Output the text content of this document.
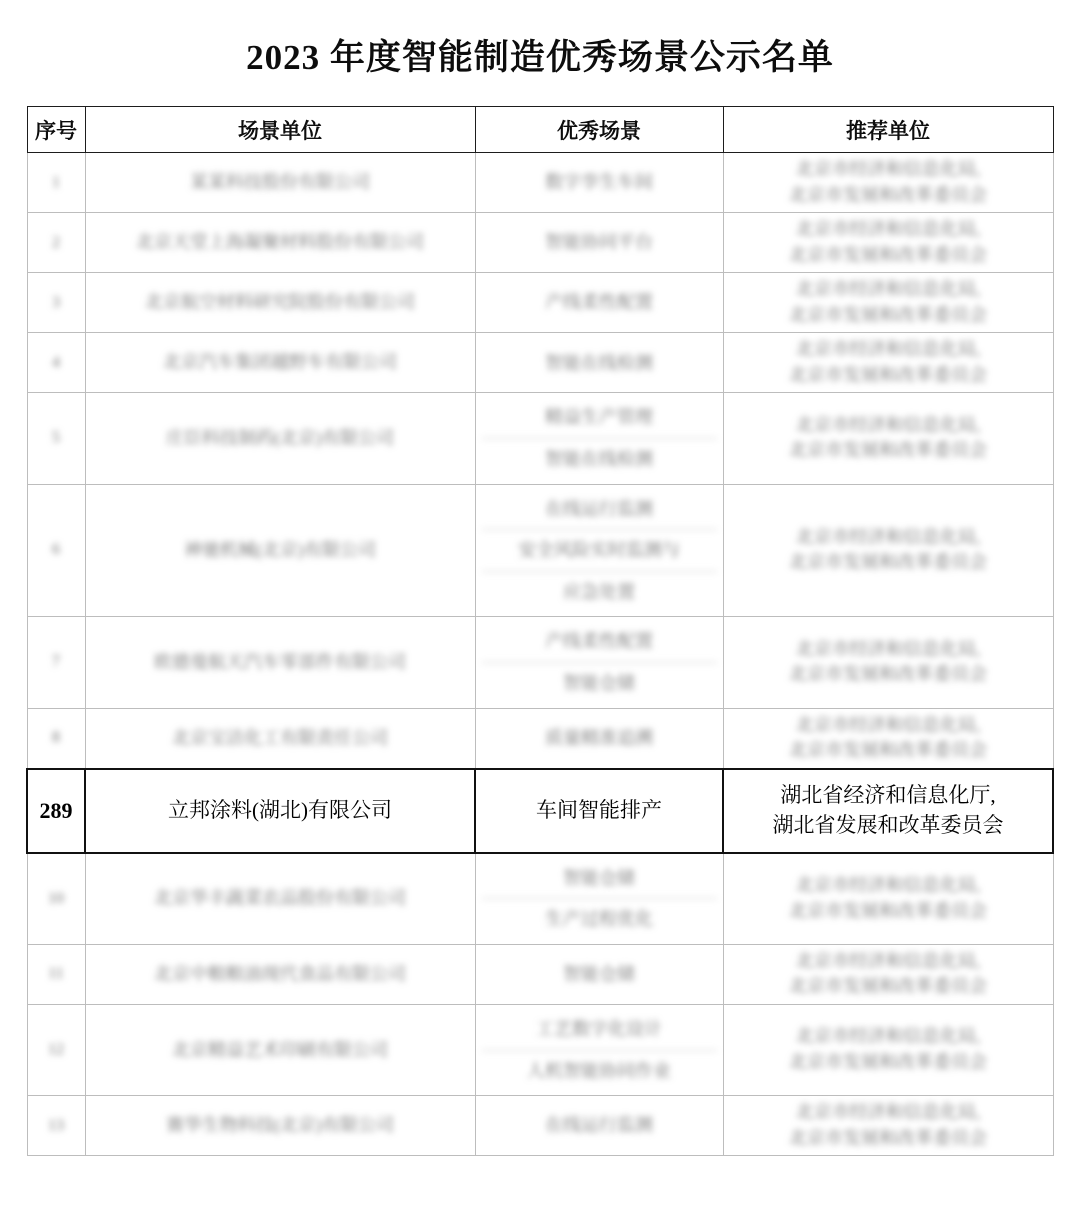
2023 年度智能制造优秀场景公示名单
序号	场景单位	优秀场景	推荐单位
1	某某科技股份有限公司	数字孪生车间	北京市经济和信息化局,
北京市发展和改革委员会

2	北京天堂上海凝聚材料股份有限公司	智能协同平台	北京市经济和信息化局,
北京市发展和改革委员会

3	北京航空材料研究院股份有限公司	产线柔性配置	北京市经济和信息化局,
北京市发展和改革委员会

4	北京汽车集团越野车有限公司	智能在线检测	北京市经济和信息化局,
北京市发展和改革委员会

5	庄臣科技制药(北京)有限公司	精益生产管理
智能在线检测	北京市经济和信息化局,
北京市发展和改革委员会

6	神驰机械(北京)有限公司	在线运行监测
安全风险实时监测与
应急处置	北京市经济和信息化局,
北京市发展和改革委员会

7	欧德曼航天汽车零部件有限公司	产线柔性配置
智能仓储	北京市经济和信息化局,
北京市发展和改革委员会

8	北京宝洁化工有限责任公司	质量精准追溯	北京市经济和信息化局,
北京市发展和改革委员会

289	立邦涂料(湖北)有限公司	车间智能排产	湖北省经济和信息化厅,
湖北省发展和改革委员会

10	北京华丰蔬菜农品股份有限公司	智能仓储
生产过程优化	北京市经济和信息化局,
北京市发展和改革委员会

11	北京中粮粮油现代食品有限公司	智能仓储	北京市经济和信息化局,
北京市发展和改革委员会

12	北京精益艺术印刷有限公司	工艺数字化设计
人机智能协同作业	北京市经济和信息化局,
北京市发展和改革委员会

13	赛华生物科技(北京)有限公司	在线运行监测	北京市经济和信息化局,
北京市发展和改革委员会
